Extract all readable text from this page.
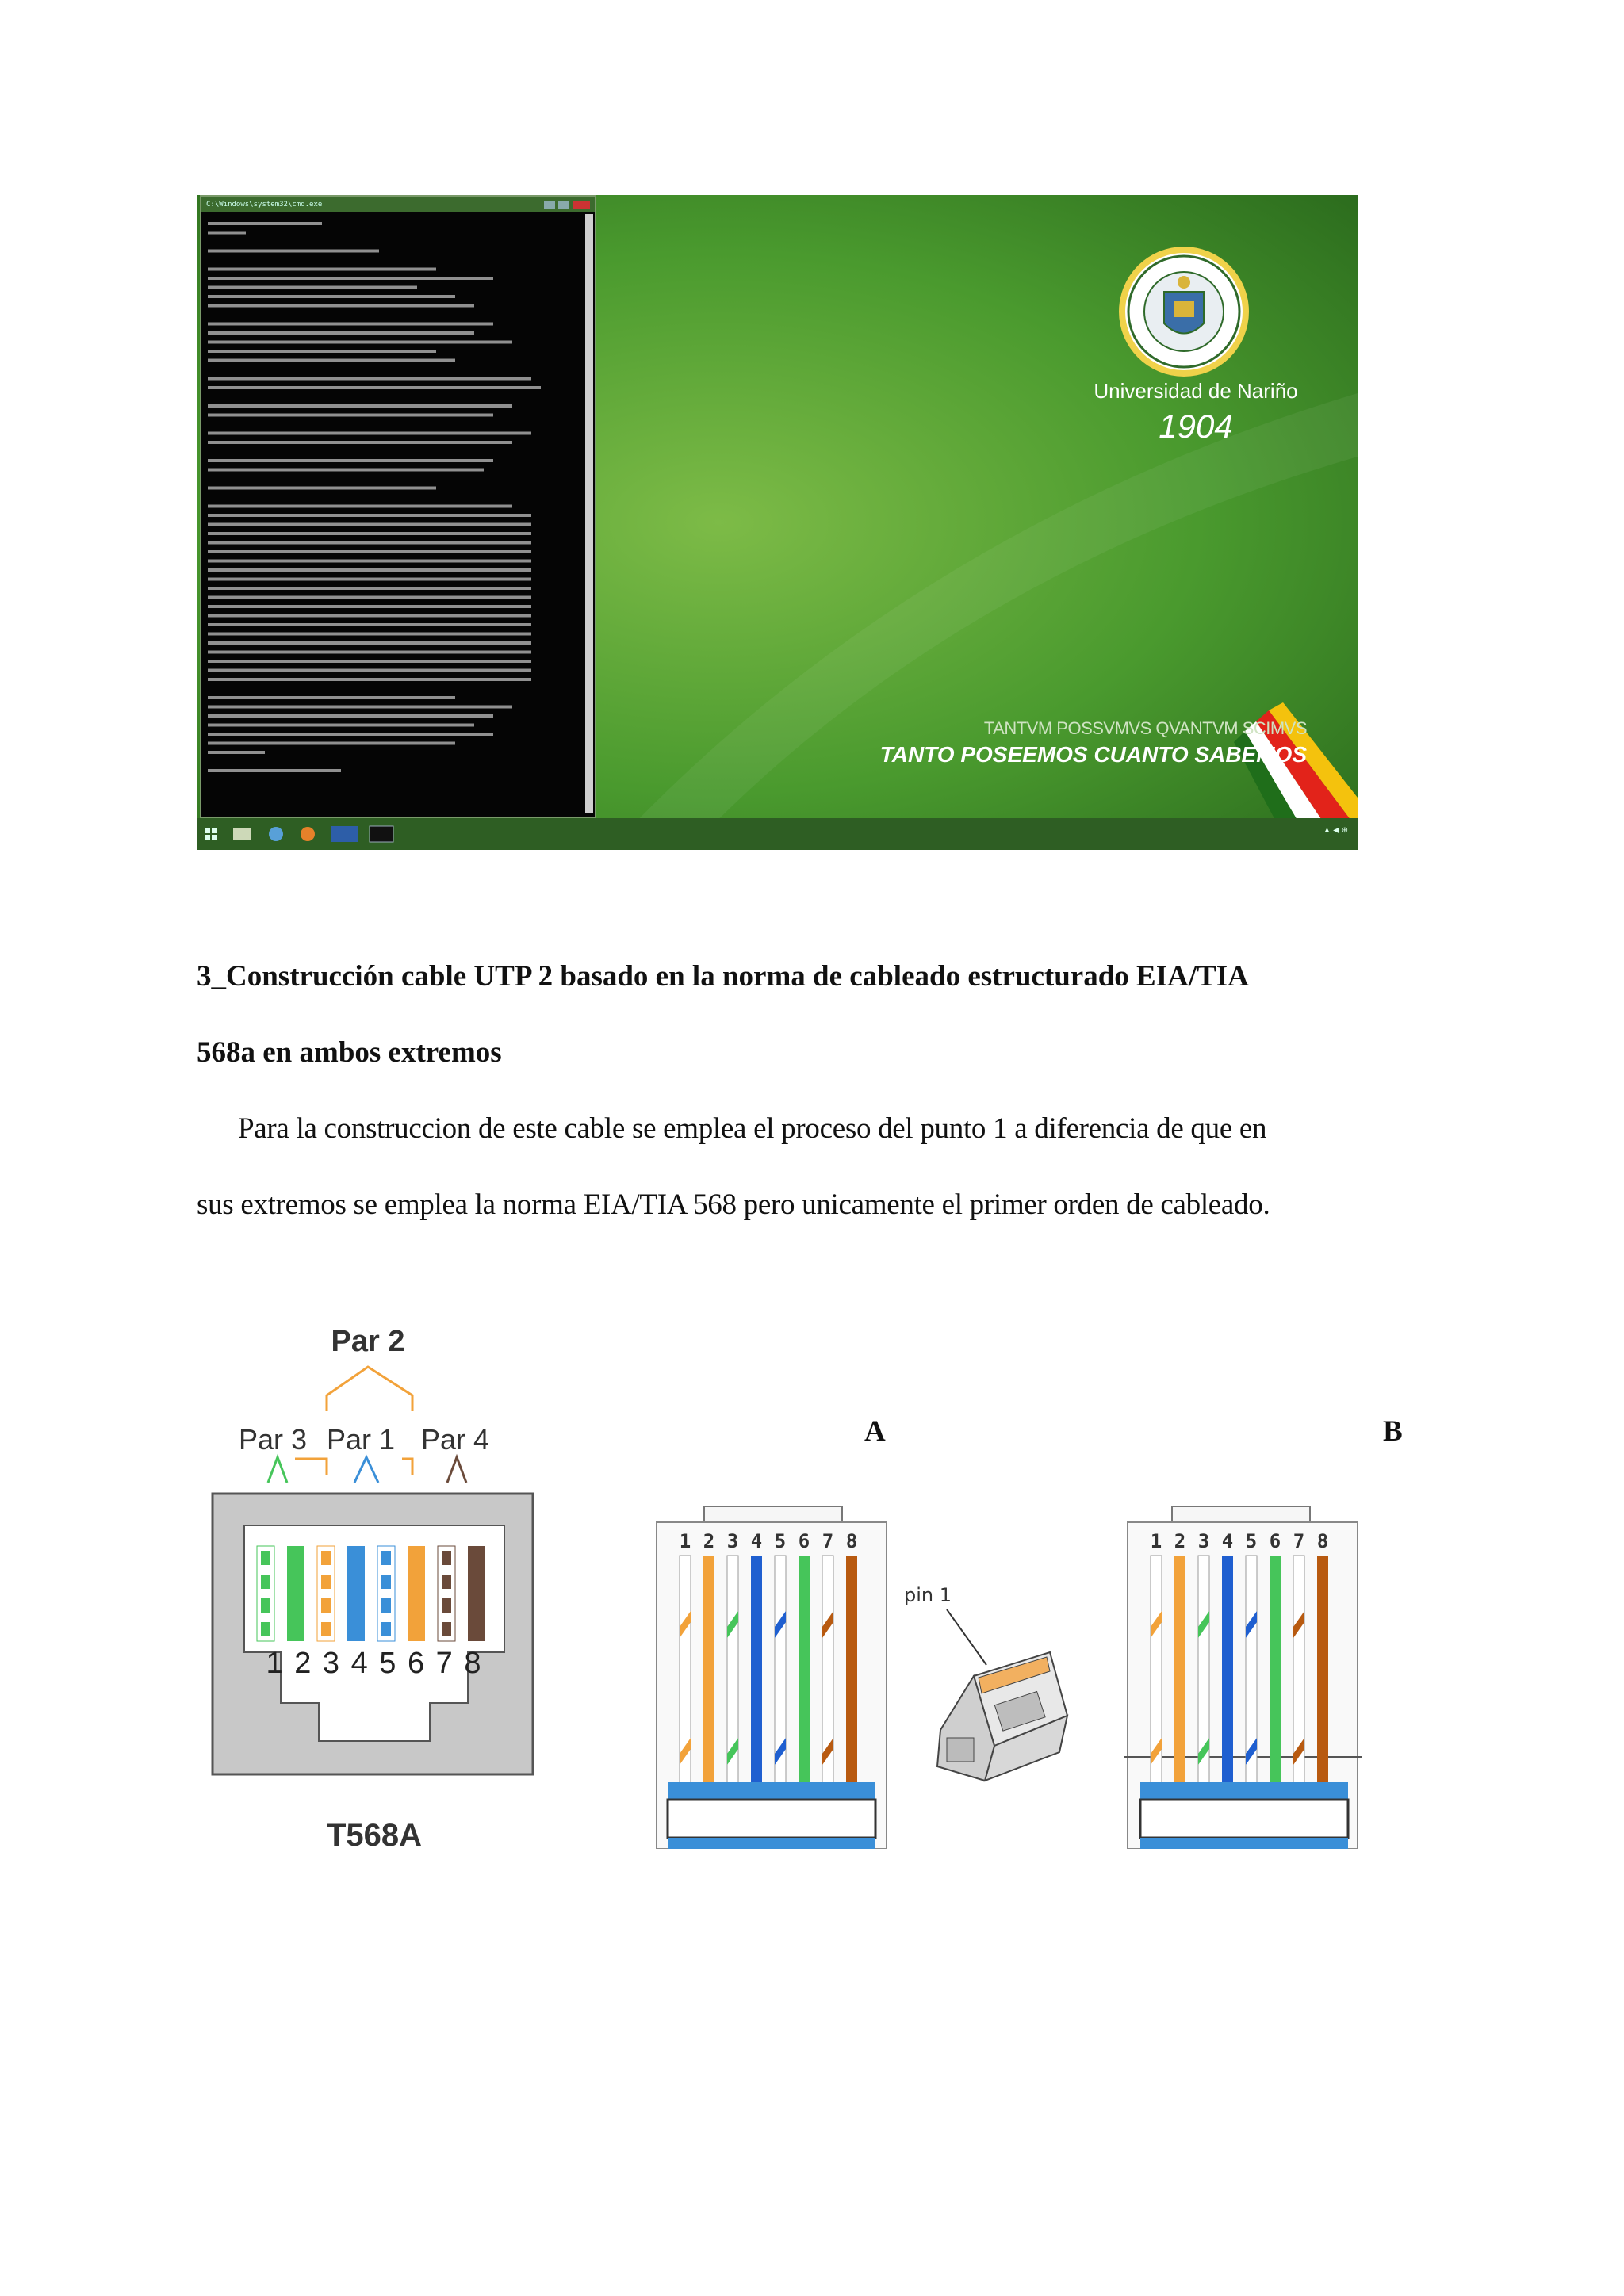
C:\Windows\system32\cmd.exe
Universidad de Nariño
1904
TANTVM POSSVMVS QVANTVM SCIMVS
TANTO POSEEMOS CUANTO SABEMOS
▲ ◀ ⊕
3_Construcción cable UTP 2 basado en la norma de cableado estructurado EIA/TIA
568a en ambos extremos
Para la construccion de este cable se emplea el proceso del punto 1 a diferencia de que en
sus extremos se emplea la norma EIA/TIA 568 pero unicamente el primer orden de cableado.
Par 2
Par 3 Par 1 Par 4
1 2 3 4 5 6 7 8
T568A
A	B
1 2 3 4 5 6 7 8
pin 1
1 2 3 4 5 6 7 8
